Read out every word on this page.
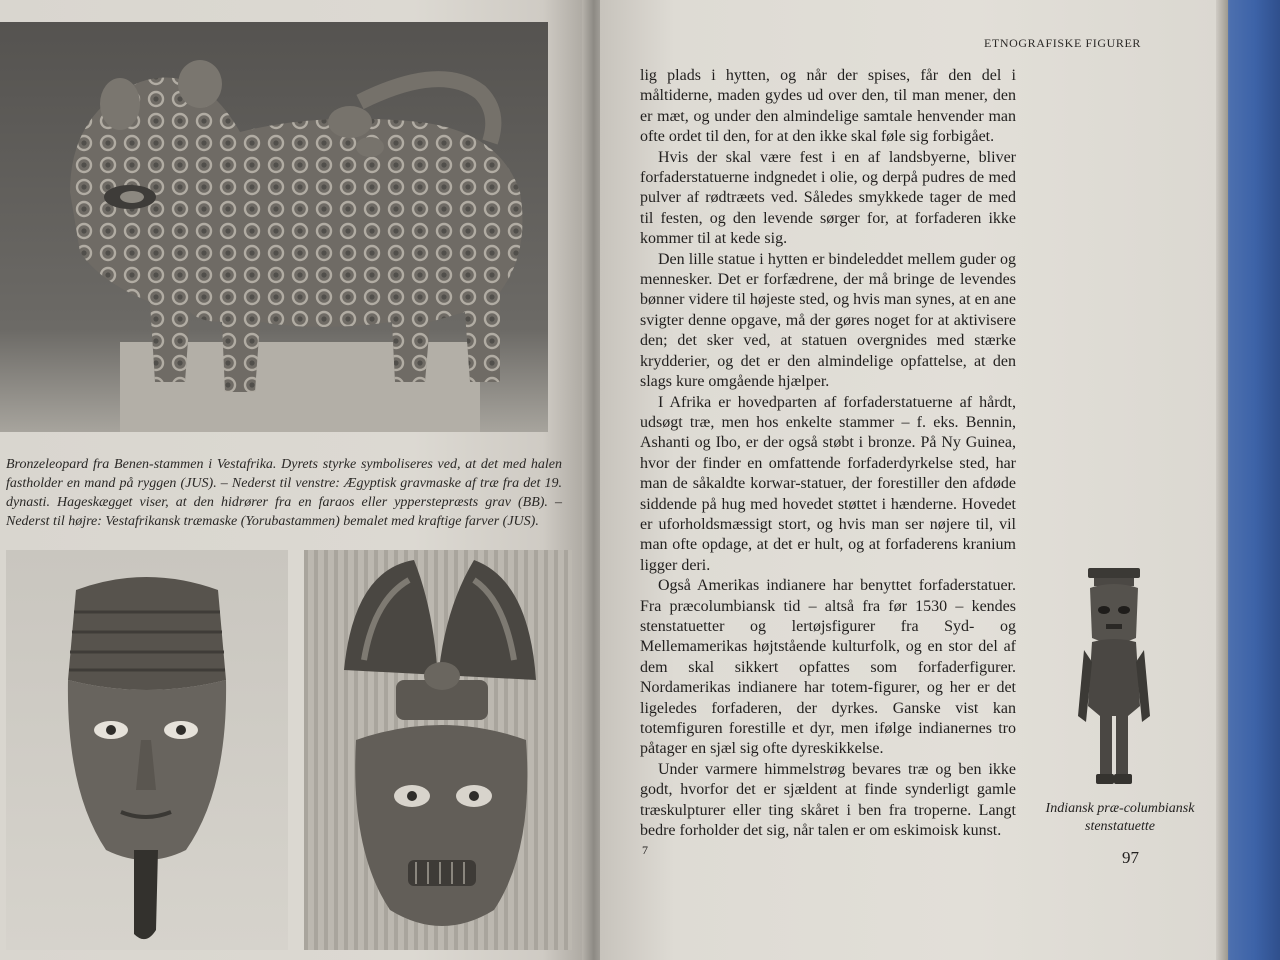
Bronzeleopard fra Benen-stammen i Vestafrika. Dyrets styrke symboliseres ved, at det med halen fastholder en mand på ryggen (JUS). – Nederst til venstre: Ægyptisk gravmaske af træ fra det 19. dynasti. Hageskægget viser, at den hidrører fra en faraos eller ypperstepræsts grav (BB). – Nederst til højre: Vestafrikansk træmaske (Yorubastammen) bemalet med kraftige farver (JUS).
ETNOGRAFISKE FIGURER

lig plads i hytten, og når der spises, får den del i måltiderne, maden gydes ud over den, til man mener, den er mæt, og under den almindelige samtale henvender man ofte ordet til den, for at den ikke skal føle sig forbigået.

Hvis der skal være fest i en af landsbyerne, bliver forfaderstatuerne indgnedet i olie, og derpå pudres de med pulver af rødtræets ved. Således smykkede tager de med til festen, og den levende sørger for, at forfaderen ikke kommer til at kede sig.

Den lille statue i hytten er bindeleddet mellem guder og mennesker. Det er forfædrene, der må bringe de levendes bønner videre til højeste sted, og hvis man synes, at en ane svigter denne opgave, må der gøres noget for at aktivisere den; det sker ved, at statuen overgnides med stærke krydderier, og det er den almindelige opfattelse, at den slags kure omgående hjælper.

I Afrika er hovedparten af forfaderstatuerne af hårdt, udsøgt træ, men hos enkelte stammer – f. eks. Bennin, Ashanti og Ibo, er der også støbt i bronze. På Ny Guinea, hvor der finder en omfattende forfaderdyrkelse sted, har man de såkaldte korwar-statuer, der forestiller den afdøde siddende på hug med hovedet støttet i hænderne. Hovedet er uforholdsmæssigt stort, og hvis man ser nøjere til, vil man ofte opdage, at det er hult, og at forfaderens kranium ligger deri.

Også Amerikas indianere har benyttet forfaderstatuer. Fra præcolumbiansk tid – altså fra før 1530 – kendes stenstatuetter og lertøjsfigurer fra Syd- og Mellemamerikas højtstående kulturfolk, og en stor del af dem skal sikkert opfattes som forfaderfigurer. Nordamerikas indianere har totem-figurer, og her er det ligeledes forfaderen, der dyrkes. Ganske vist kan totemfiguren forestille et dyr, men ifølge indianernes tro påtager en sjæl sig ofte dyreskikkelse.

Under varmere himmelstrøg bevares træ og ben ikke godt, hvorfor det er sjældent at finde synderligt gamle træskulpturer eller ting skåret i ben fra troperne. Langt bedre forholder det sig, når talen er om eskimoisk kunst.

Indiansk præ-columbiansk
stenstatuette
7	97
